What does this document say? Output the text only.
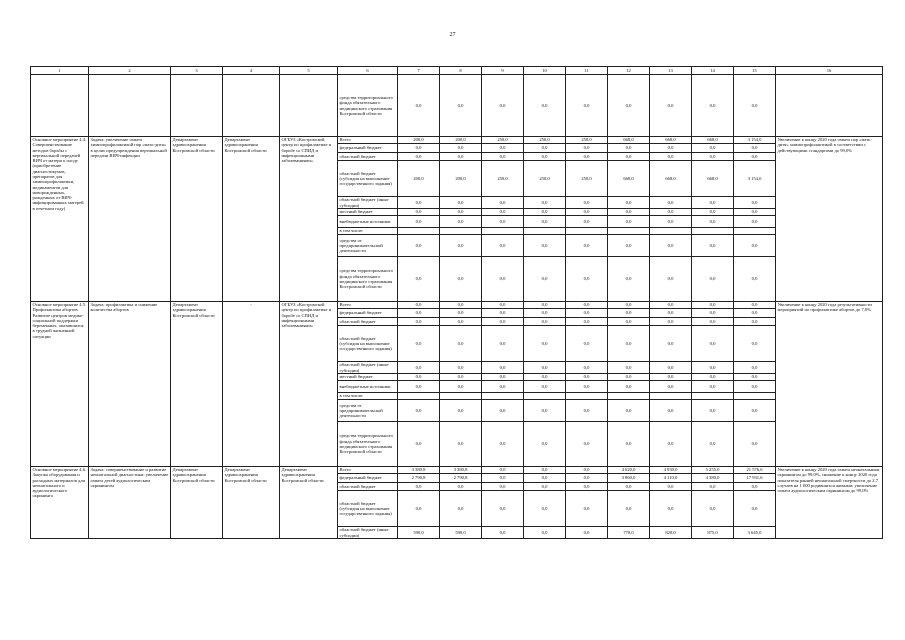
27
1	2	3	4	5	6	7	8	9	10	11	12	13	14	15	16
					средства территориального фонда обязательного медицинского страхования Костромской области	0,0	0,0	0,0	0,0	0,0	0,0	0,0	0,0	0,0	
Основное мероприятие 4.4. Совершенствование методов борьбы с вертикальной передачей ВИЧ от матери к плоду (приобретение диагностикумов, препаратов для химиопрофилактики, медикаментов для новорожденных, рожденных от ВИЧ-инфицированных матерей в отчетном году)	Задача: увеличение охвата химиопрофилактикой пар «мать-дитя» в целях предупреждения вертикальной передачи ВИЧ-инфекции	Департамент здравоохранения Костромской области	Департамент здравоохранения Костромской области	ОГБУЗ «Костромской центр по профилактике и борьбе со СПИД и инфекционными заболеваниями»	Всего	200,0	200,0	250,0	250,0	250,0	668,0	668,0	668,0	3 154,0	Увеличение к концу 2020 года охвата пар «мать-дитя» химиопрофилактикой в соответствии с действующими стандартами до 99,0%
					федеральный бюджет	0,0	0,0	0,0	0,0	0,0	0,0	0,0	0,0	0,0	
					областной бюджет	0,0	0,0	0,0	0,0	0,0	0,0	0,0	0,0	0,0	
					областной бюджет (субсидия на выполнение государственного задания)	200,0	200,0	250,0	250,0	250,0	668,0	668,0	668,0	3 154,0	
					областной бюджет (иные субсидии)	0,0	0,0	0,0	0,0	0,0	0,0	0,0	0,0	0,0	
					местный бюджет	0,0	0,0	0,0	0,0	0,0	0,0	0,0	0,0	0,0	
					внебюджетные источники	0,0	0,0	0,0	0,0	0,0	0,0	0,0	0,0	0,0	
					в том числе:										
					средства от предпринимательской деятельности	0,0	0,0	0,0	0,0	0,0	0,0	0,0	0,0	0,0	
					средства территориального фонда обязательного медицинского страхования Костромской области	0,0	0,0	0,0	0,0	0,0	0,0	0,0	0,0	0,0	
Основное мероприятие 4.5. Профилактика абортов. Развитие центров медико-социальной поддержки беременных, оказавшихся в трудной жизненной ситуации	Задача: профилактика и снижение количества абортов	Департамент здравоохранения Костромской области	-	ОГБУЗ «Костромской центр по профилактике и борьбе со СПИД и инфекционными заболеваниями»	Всего	0,0	0,0	0,0	0,0	0,0	0,0	0,0	0,0	0,0	Увеличение к концу 2020 года результативности мероприятий по профилактике абортов до 7,0%
					федеральный бюджет	0,0	0,0	0,0	0,0	0,0	0,0	0,0	0,0	0,0	
					областной бюджет	0,0	0,0	0,0	0,0	0,0	0,0	0,0	0,0	0,0	
					областной бюджет (субсидия на выполнение государственного задания)	0,0	0,0	0,0	0,0	0,0	0,0	0,0	0,0	0,0	
					областной бюджет (иные субсидии)	0,0	0,0	0,0	0,0	0,0	0,0	0,0	0,0	0,0	
					местный бюджет	0,0	0,0	0,0	0,0	0,0	0,0	0,0	0,0	0,0	
					внебюджетные источники	0,0	0,0	0,0	0,0	0,0	0,0	0,0	0,0	0,0	
					в том числе:										
					средства от предпринимательской деятельности	0,0	0,0	0,0	0,0	0,0	0,0	0,0	0,0	0,0	
					средства территориального фонда обязательного медицинского страхования Костромской области	0,0	0,0	0,0	0,0	0,0	0,0	0,0	0,0	0,0	
Основное мероприятие 4.6. Закупка оборудования и расходных материалов для неонатального и аудиологического скрининга	Задача: совершенствование и развитие неонатальной диагностики; увеличение охвата детей аудиологическим скринингом	Департамент здравоохранения Костромской области	Департамент здравоохранения Костромской области	Департамент здравоохранения Костромской области	Всего	3 380,8	3 380,8	0,0	0,0	0,0	4 620,0	4 930,0	5 255,0	21 576,6	Увеличение к концу 2020 года охвата неонатальным скринингом до 99,0%, снижение к концу 2020 года показателя ранней неонатальной смертности до 2,7 случаев на 1 000 родившихся живыми; увеличение охвата аудиологическим скринингом до 99,0%
					федеральный бюджет	2 790,8	2 790,8	0,0	0,0	0,0	3 860,0	4 110,0	4 380,0	17 931,6	
					областной бюджет	0,0	0,0	0,0	0,0	0,0	0,0	0,0	0,0	0,0	
					областной бюджет (субсидия на выполнение государственного задания)	0,0	0,0	0,0	0,0	0,0	0,0	0,0	0,0	0,0	
					областной бюджет (иные субсидии)	590,0	590,0	0,0	0,0	0,0	770,0	820,0	875,0	3 645,0	
